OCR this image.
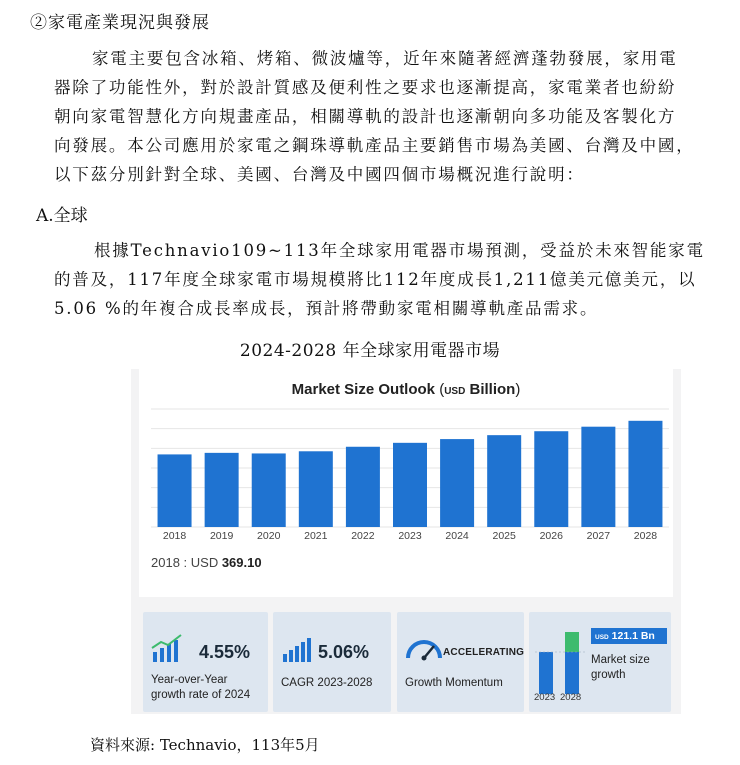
②家電產業現況與發展
家電主要包含冰箱、烤箱、微波爐等，近年來隨著經濟蓬勃發展，家用電
器除了功能性外，對於設計質感及便利性之要求也逐漸提高，家電業者也紛紛
朝向家電智慧化方向規畫產品，相關導軌的設計也逐漸朝向多功能及客製化方
向發展。本公司應用於家電之鋼珠導軌產品主要銷售市場為美國、台灣及中國，
以下茲分別針對全球、美國、台灣及中國四個市場概況進行說明：
A.全球
根據Technavio109~113年全球家用電器市場預測，受益於未來智能家電
的普及，117年度全球家電市場規模將比112年度成長1,211億美元億美元，以
5.06 %的年複合成長率成長，預計將帶動家電相關導軌產品需求。
2024-2028 年全球家用電器市場
2018 2019 2020 2021 2022 2023 2024 2025 2026 2027 2028
Market Size Outlook (USD Billion)
2018 : USD 369.10
4.55%
Year-over-Year
growth rate of 2024
5.06%
CAGR 2023-2028
ACCELERATING
Growth Momentum
USD 121.1 Bn
Market size
growth
2023 2028
資料來源: Technavio，113年5月
